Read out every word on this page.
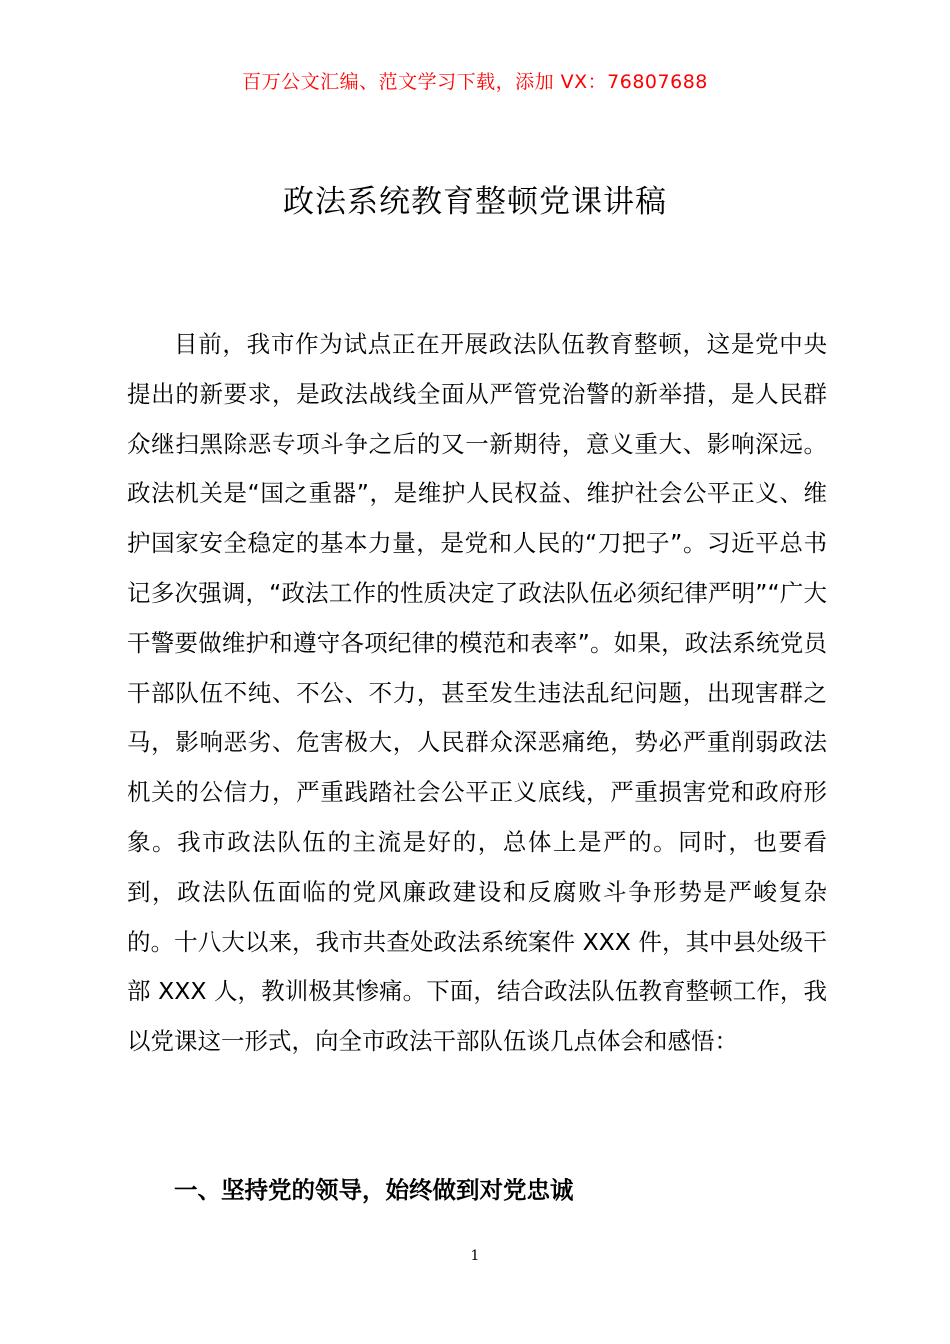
百万公文汇编、范文学习下载，添加 VX：76807688
政法系统教育整顿党课讲稿

目前，我市作为试点正在开展政法队伍教育整顿，这是党中央提出的新要求，是政法战线全面从严管党治警的新举措，是人民群众继扫黑除恶专项斗争之后的又一新期待，意义重大、影响深远。政法机关是“国之重器”，是维护人民权益、维护社会公平正义、维护国家安全稳定的基本力量，是党和人民的“刀把子”。习近平总书记多次强调，“政法工作的性质决定了政法队伍必须纪律严明”“广大干警要做维护和遵守各项纪律的模范和表率”。如果，政法系统党员干部队伍不纯、不公、不力，甚至发生违法乱纪问题，出现害群之马，影响恶劣、危害极大，人民群众深恶痛绝，势必严重削弱政法机关的公信力，严重践踏社会公平正义底线，严重损害党和政府形象。我市政法队伍的主流是好的，总体上是严的。同时，也要看到，政法队伍面临的党风廉政建设和反腐败斗争形势是严峻复杂的。十八大以来，我市共查处政法系统案件 XXX 件，其中县处级干部 XXX 人，教训极其惨痛。下面，结合政法队伍教育整顿工作，我以党课这一形式，向全市政法干部队伍谈几点体会和感悟：

一、坚持党的领导，始终做到对党忠诚

1
